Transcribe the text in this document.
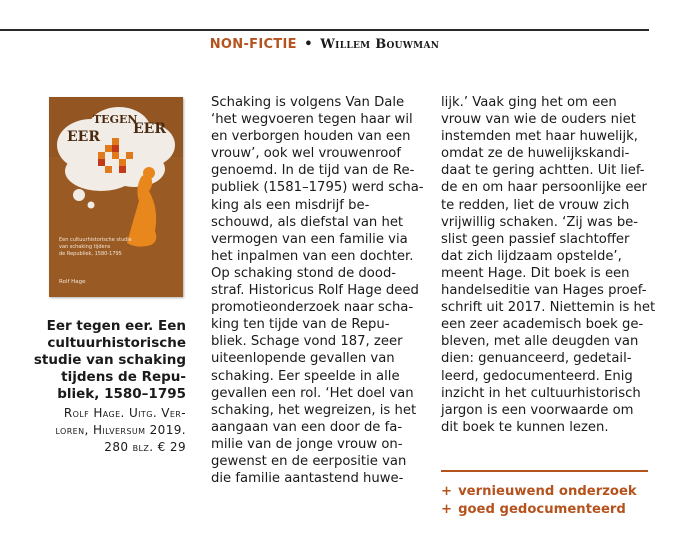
NON-FICTIE • Willem Bouwman
EER
TEGEN
EER
Een cultuurhistorische studie
van schaking tijdens
de Republiek, 1580-1795
Rolf Hage

Eer tegen eer. Een
cultuurhistorische
studie van schaking
tijdens de Repu-
bliek, 1580–1795

Rolf Hage. Uitg. Ver-
loren, Hilversum 2019.
280 blz. € 29

Schaking is volgens Van Dale
‘het wegvoeren tegen haar wil
en verborgen houden van een
vrouw’, ook wel vrouwenroof
genoemd. In de tijd van de Re-
publiek (1581–1795) werd scha-
king als een misdrijf be-
schouwd, als diefstal van het
vermogen van een familie via
het inpalmen van een dochter.
Op schaking stond de dood-
straf. Historicus Rolf Hage deed
promotieonderzoek naar scha-
king ten tijde van de Repu-
bliek. Schage vond 187, zeer
uiteenlopende gevallen van
schaking. Eer speelde in alle
gevallen een rol. ‘Het doel van
schaking, het wegreizen, is het
aangaan van een door de fa-
milie van de jonge vrouw on-
gewenst en de eerpositie van
die familie aantastend huwe-
lijk.’ Vaak ging het om een
vrouw van wie de ouders niet
instemden met haar huwelijk,
omdat ze de huwelijkskandi-
daat te gering achtten. Uit lief-
de en om haar persoonlijke eer
te redden, liet de vrouw zich
vrijwillig schaken. ‘Zij was be-
slist geen passief slachtoffer
dat zich lijdzaam opstelde’,
meent Hage. Dit boek is een
handelseditie van Hages proef-
schrift uit 2017. Niettemin is het
een zeer academisch boek ge-
bleven, met alle deugden van
dien: genuanceerd, gedetail-
leerd, gedocumenteerd. Enig
inzicht in het cultuurhistorisch
jargon is een voorwaarde om
dit boek te kunnen lezen.
+ vernieuwend onderzoek
+ goed gedocumenteerd
